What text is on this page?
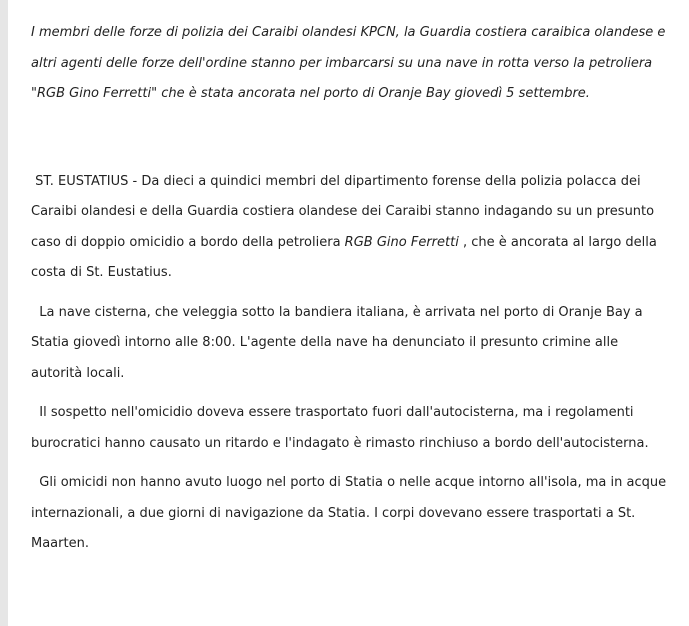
I membri delle forze di polizia dei Caraibi olandesi KPCN, la Guardia costiera caraibica olandese e altri agenti delle forze dell'ordine stanno per imbarcarsi su una nave in rotta verso la petroliera "RGB Gino Ferretti" che è stata ancorata nel porto di Oranje Bay giovedì 5 settembre.

ST. EUSTATIUS - Da dieci a quindici membri del dipartimento forense della polizia polacca dei Caraibi olandesi e della Guardia costiera olandese dei Caraibi stanno indagando su un presunto caso di doppio omicidio a bordo della petroliera RGB Gino Ferretti , che è ancorata al largo della costa di St. Eustatius.

La nave cisterna, che veleggia sotto la bandiera italiana, è arrivata nel porto di Oranje Bay a Statia giovedì intorno alle 8:00. L'agente della nave ha denunciato il presunto crimine alle autorità locali.

Il sospetto nell'omicidio doveva essere trasportato fuori dall'autocisterna, ma i regolamenti burocratici hanno causato un ritardo e l'indagato è rimasto rinchiuso a bordo dell'autocisterna.

Gli omicidi non hanno avuto luogo nel porto di Statia o nelle acque intorno all'isola, ma in acque internazionali, a due giorni di navigazione da Statia. I corpi dovevano essere trasportati a St. Maarten.
